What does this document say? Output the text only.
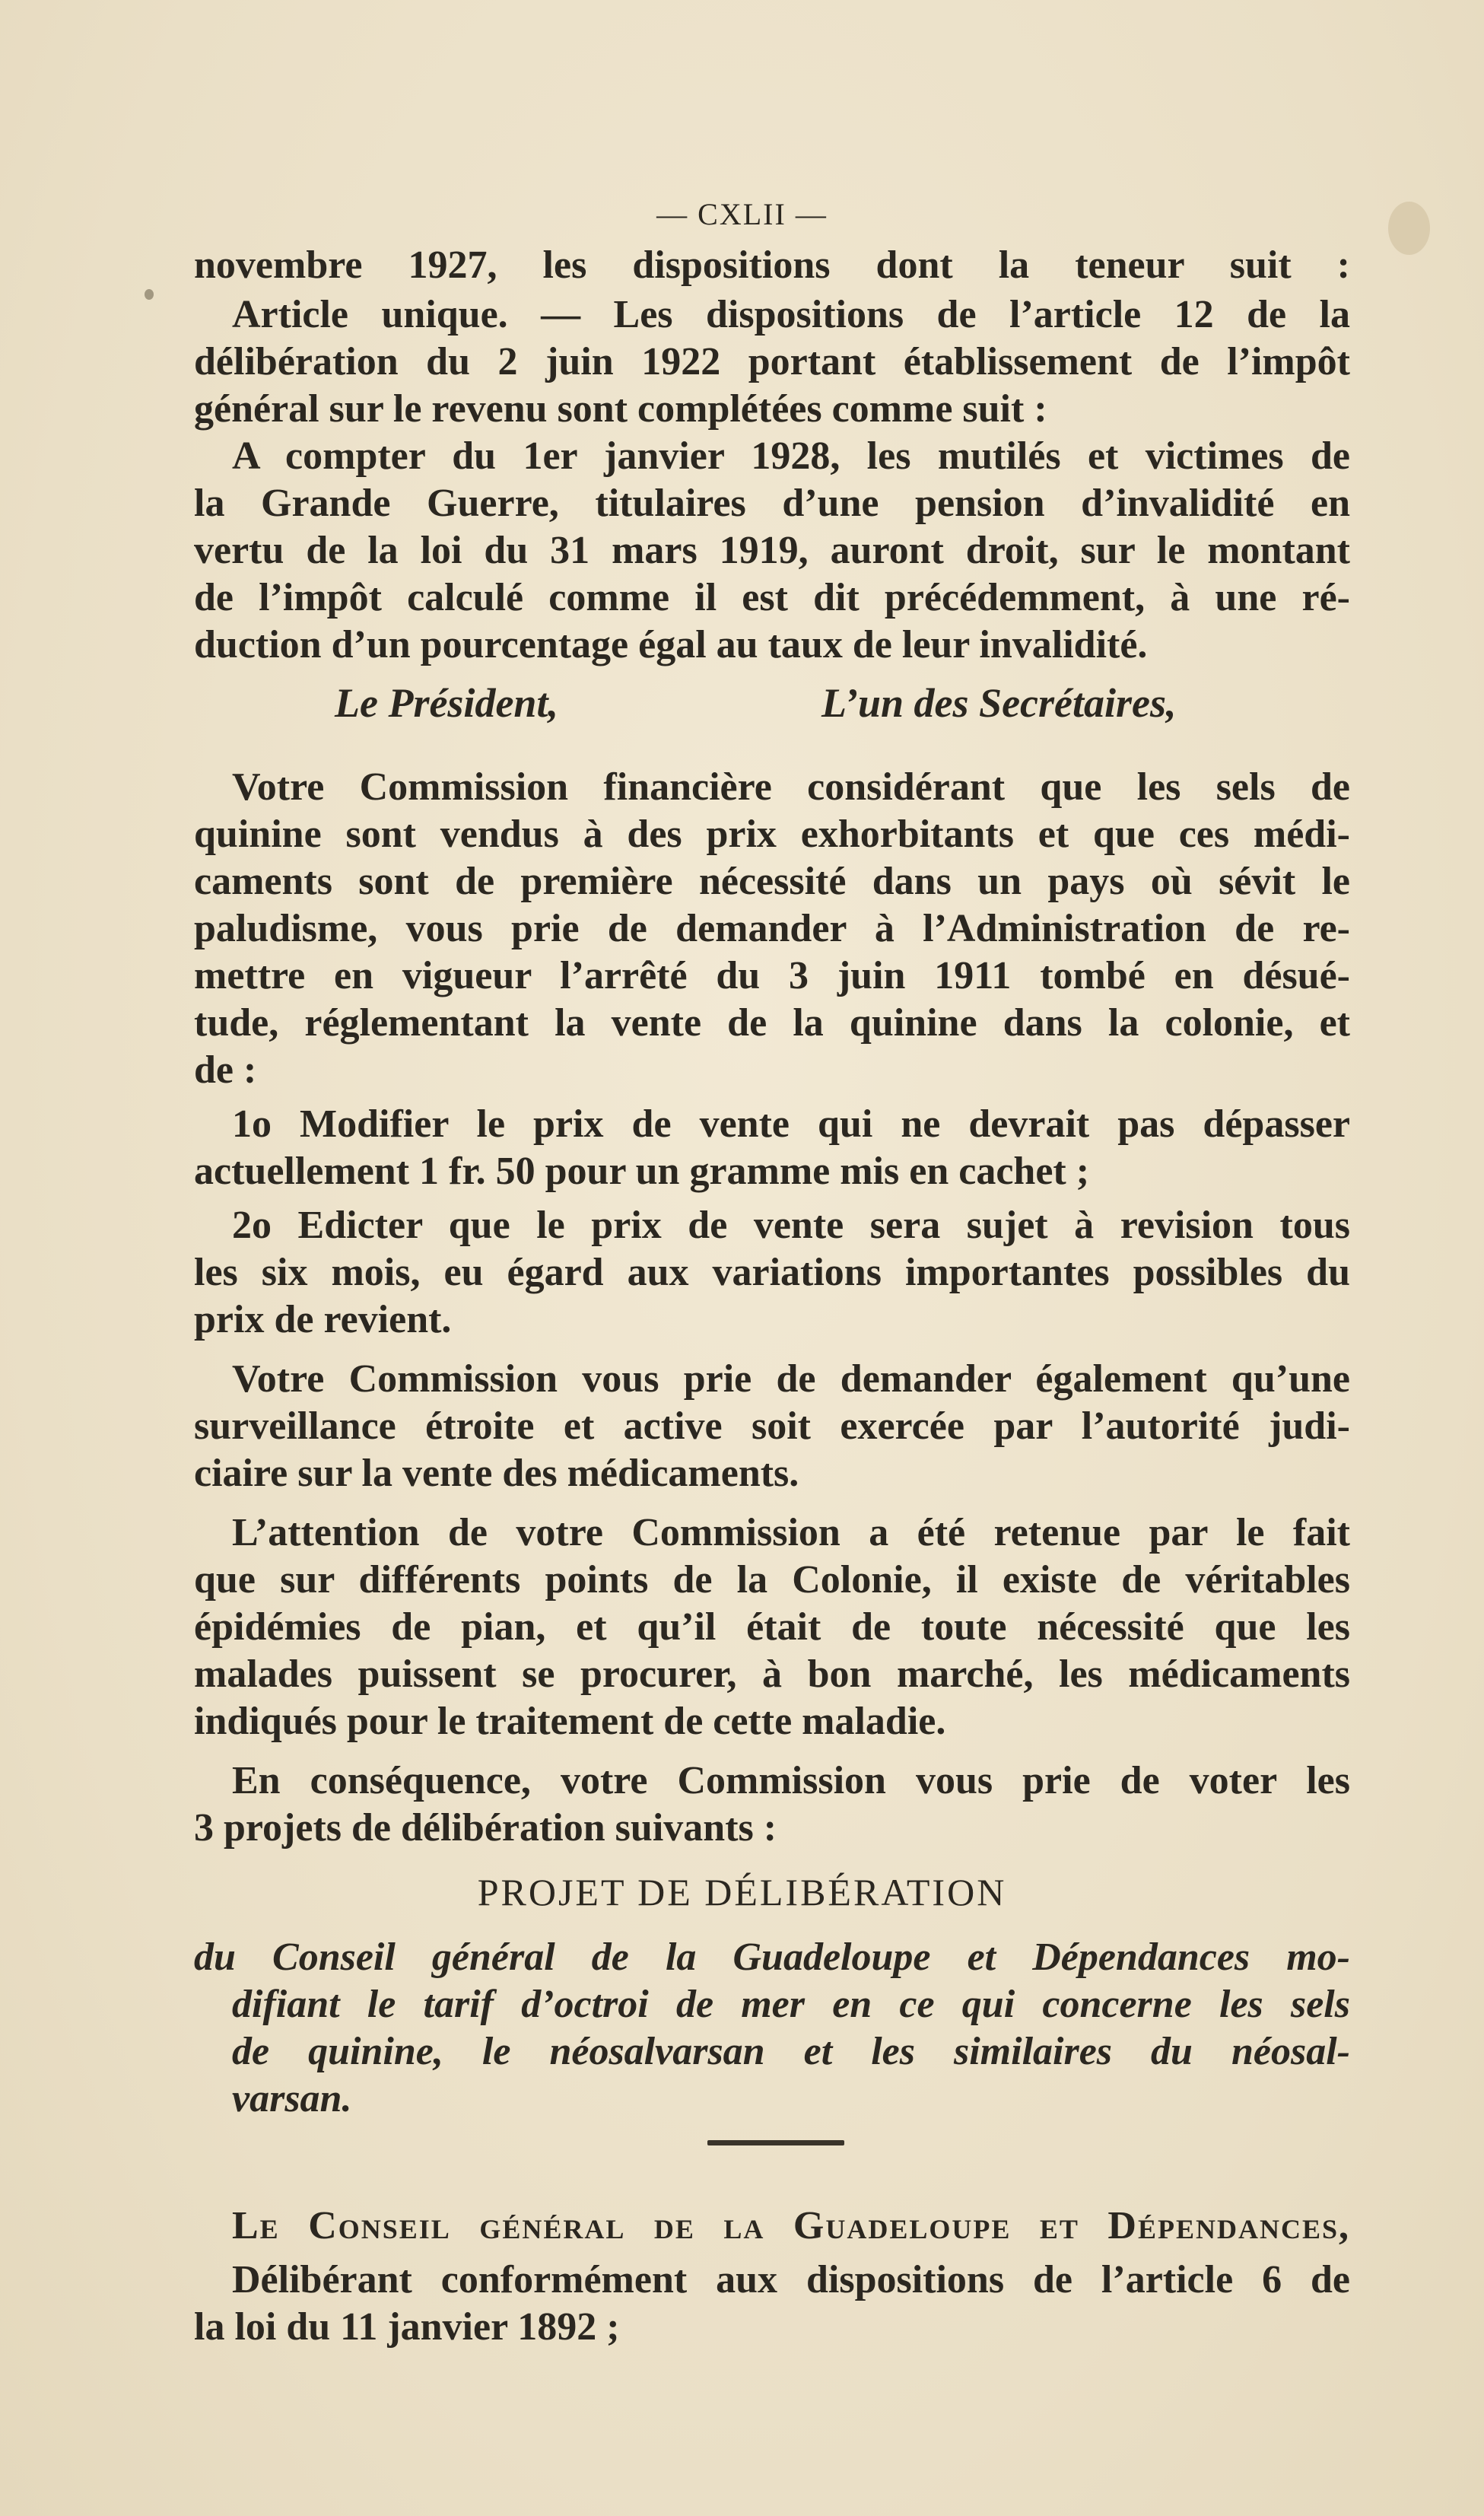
— CXLII —
novembre 1927, les dispositions dont la teneur suit :
Article unique. — Les dispositions de l’article 12 de la
délibération du 2 juin 1922 portant établissement de l’impôt
général sur le revenu sont complétées comme suit :
A compter du 1er janvier 1928, les mutilés et victimes de
la Grande Guerre, titulaires d’une pension d’invalidité en
vertu de la loi du 31 mars 1919, auront droit, sur le montant
de l’impôt calculé comme il est dit précédemment, à une ré-
duction d’un pourcentage égal au taux de leur invalidité.
Le Président,	L’un des Secrétaires,
Votre Commission financière considérant que les sels de
quinine sont vendus à des prix exhorbitants et que ces médi-
caments sont de première nécessité dans un pays où sévit le
paludisme, vous prie de demander à l’Administration de re-
mettre en vigueur l’arrêté du 3 juin 1911 tombé en désué-
tude, réglementant la vente de la quinine dans la colonie, et
de :
1o Modifier le prix de vente qui ne devrait pas dépasser
actuellement 1 fr. 50 pour un gramme mis en cachet ;
2o Edicter que le prix de vente sera sujet à revision tous
les six mois, eu égard aux variations importantes possibles du
prix de revient.
Votre Commission vous prie de demander également qu’une
surveillance étroite et active soit exercée par l’autorité judi-
ciaire sur la vente des médicaments.
L’attention de votre Commission a été retenue par le fait
que sur différents points de la Colonie, il existe de véritables
épidémies de pian, et qu’il était de toute nécessité que les
malades puissent se procurer, à bon marché, les médicaments
indiqués pour le traitement de cette maladie.
En conséquence, votre Commission vous prie de voter les
3 projets de délibération suivants :
PROJET DE DÉLIBÉRATION
du Conseil général de la Guadeloupe et Dépendances mo-
difiant le tarif d’octroi de mer en ce qui concerne les sels
de quinine, le néosalvarsan et les similaires du néosal-
varsan.
Le Conseil général de la Guadeloupe et Dépendances,
Délibérant conformément aux dispositions de l’article 6 de
la loi du 11 janvier 1892 ;
